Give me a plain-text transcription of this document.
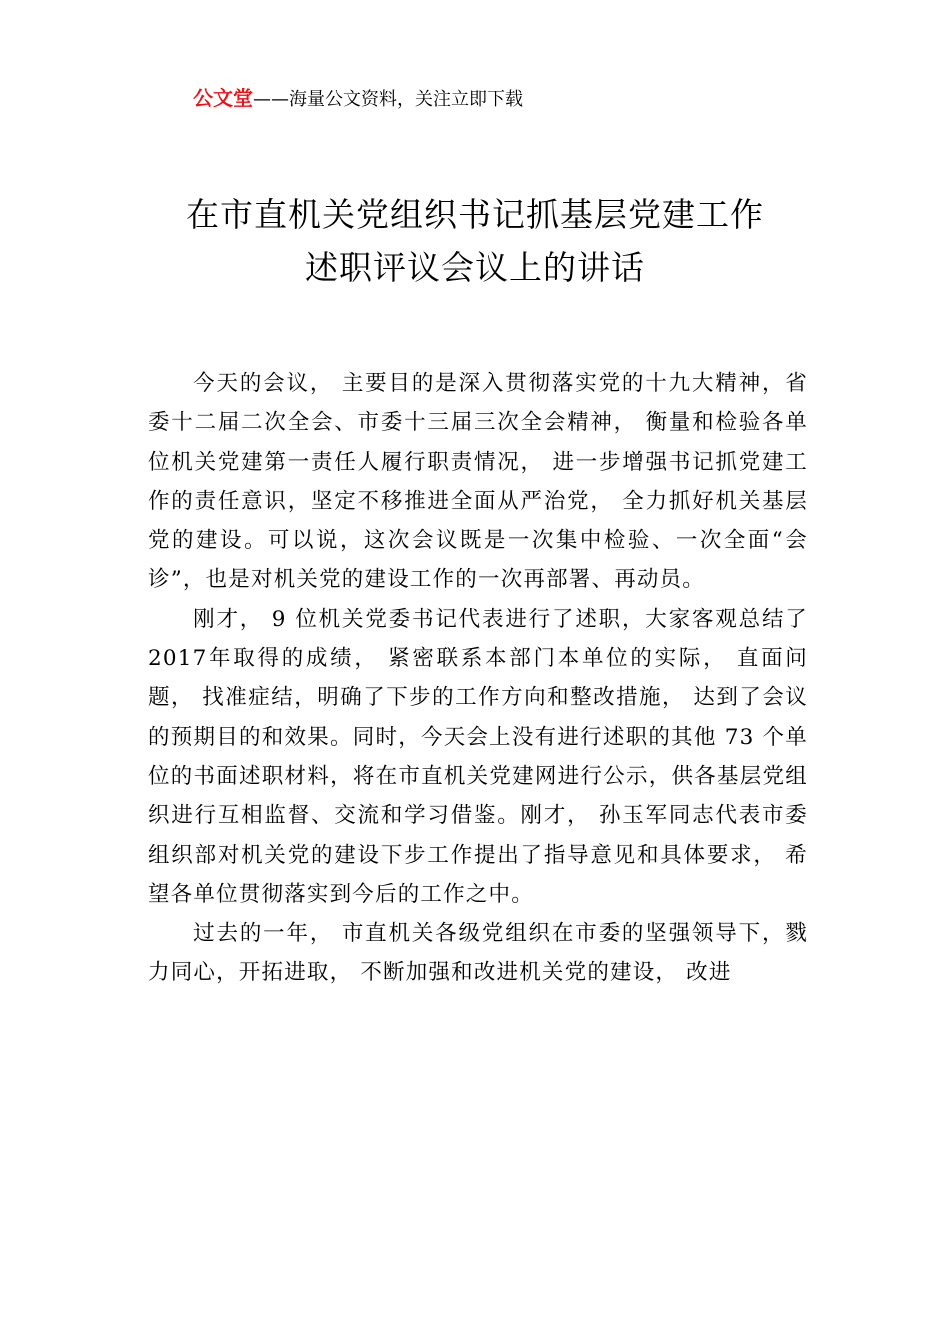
公文堂——海量公文资料，关注立即下载
在市直机关党组织书记抓基层党建工作
述职评议会议上的讲话

今天的会议， 主要目的是深入贯彻落实党的十九大精神，省委十二届二次全会、市委十三届三次全会精神， 衡量和检验各单位机关党建第一责任人履行职责情况， 进一步增强书记抓党建工作的责任意识，坚定不移推进全面从严治党， 全力抓好机关基层党的建设。可以说，这次会议既是一次集中检验、一次全面“会诊”，也是对机关党的建设工作的一次再部署、再动员。

刚才， 9 位机关党委书记代表进行了述职，大家客观总结了 2017年取得的成绩， 紧密联系本部门本单位的实际， 直面问题， 找准症结，明确了下步的工作方向和整改措施， 达到了会议的预期目的和效果。同时，今天会上没有进行述职的其他 73 个单位的书面述职材料，将在市直机关党建网进行公示，供各基层党组织进行互相监督、交流和学习借鉴。刚才， 孙玉军同志代表市委组织部对机关党的建设下步工作提出了指导意见和具体要求， 希望各单位贯彻落实到今后的工作之中。

过去的一年， 市直机关各级党组织在市委的坚强领导下，戮力同心，开拓进取， 不断加强和改进机关党的建设， 改进
